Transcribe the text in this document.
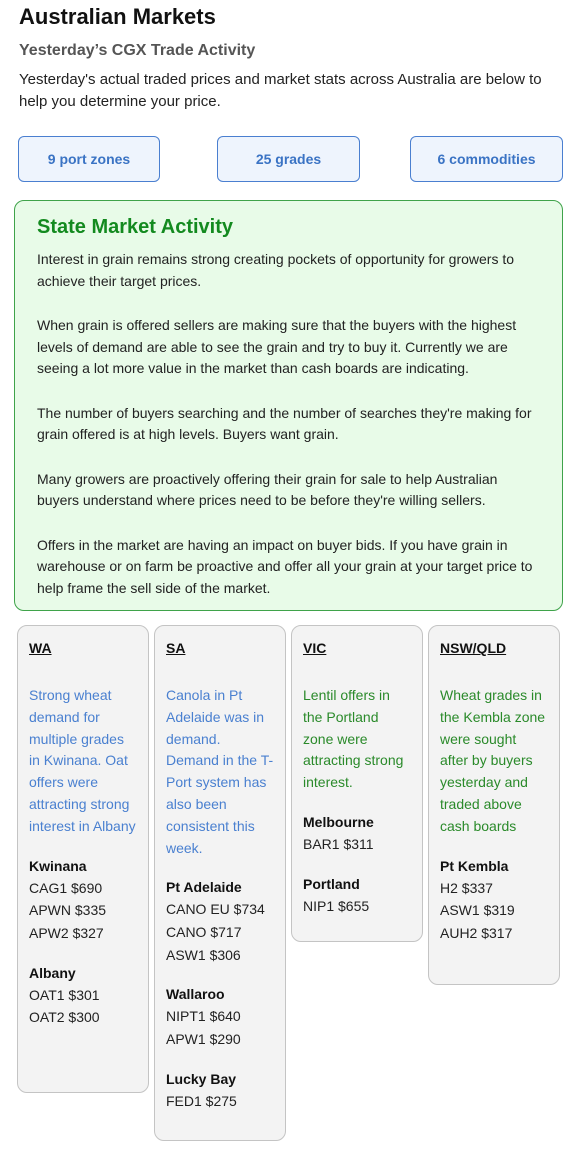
Australian Markets
Yesterday’s CGX Trade Activity
Yesterday's actual traded prices and market stats across Australia are below to help you determine your price.
9 port zones	25 grades	6 commodities
State Market Activity

Interest in grain remains strong creating pockets of opportunity for growers to achieve their target prices.

When grain is offered sellers are making sure that the buyers with the highest levels of demand are able to see the grain and try to buy it. Currently we are seeing a lot more value in the market than cash boards are indicating.

The number of buyers searching and the number of searches they're making for grain offered is at high levels. Buyers want grain.

Many growers are proactively offering their grain for sale to help Australian buyers understand where prices need to be before they're willing sellers.

Offers in the market are having an impact on buyer bids. If you have grain in warehouse or on farm be proactive and offer all your grain at your target price to help frame the sell side of the market.

WA
Strong wheat demand for multiple grades in Kwinana. Oat offers were attracting strong interest in Albany
Kwinana
CAG1 $690
APWN $335
APW2 $327
Albany
OAT1 $301
OAT2 $300
SA
Canola in Pt Adelaide was in demand. Demand in the T-Port system has also been consistent this week.
Pt Adelaide
CANO EU $734
CANO $717
ASW1 $306
Wallaroo
NIPT1 $640
APW1 $290
Lucky Bay
FED1 $275
VIC
Lentil offers in the Portland zone were attracting strong interest.
Melbourne
BAR1 $311
Portland
NIP1 $655
NSW/QLD
Wheat grades in the Kembla zone were sought after by buyers yesterday and traded above cash boards
Pt Kembla
H2 $337
ASW1 $319
AUH2 $317
